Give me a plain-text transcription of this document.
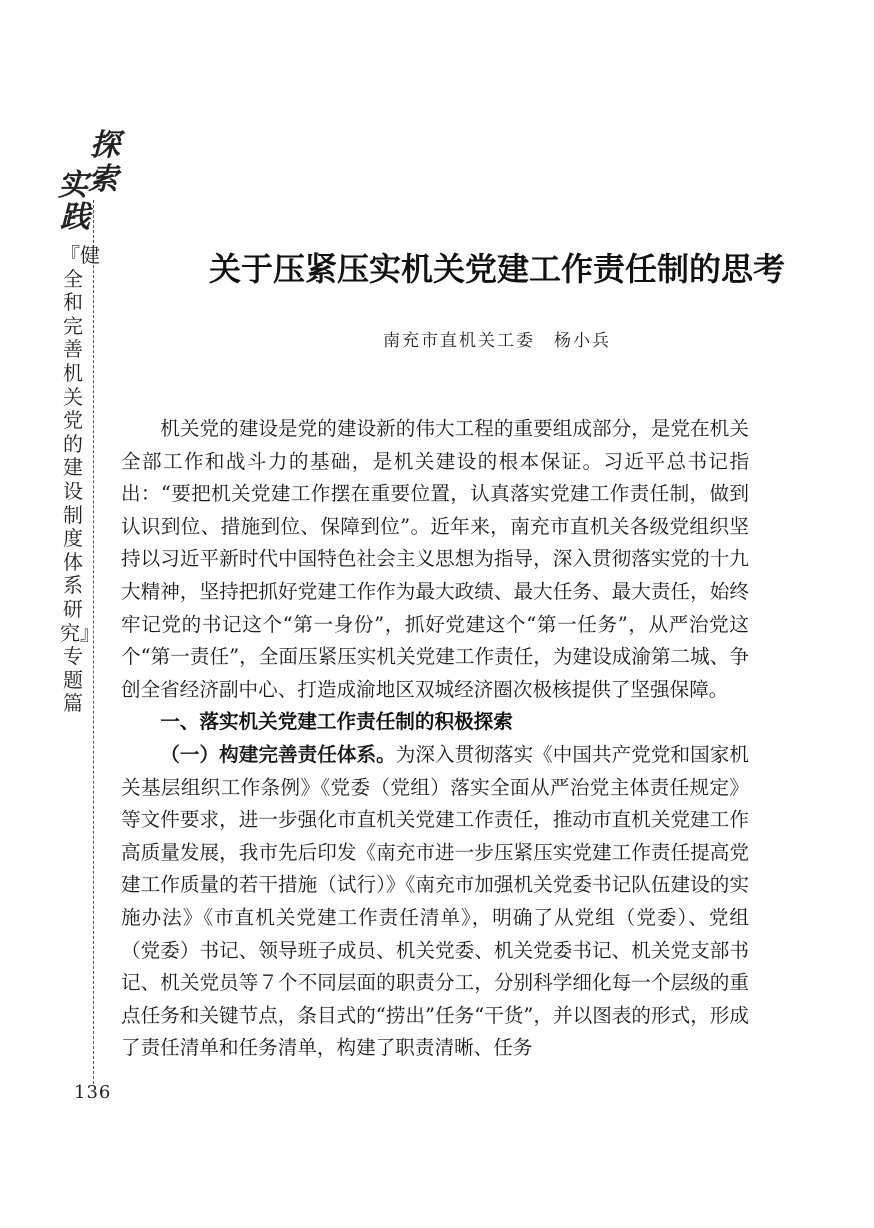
探
索
实
践
『健全和完善机关党的建设制度体系研究』专题篇
136
关于压紧压实机关党建工作责任制的思考
南充市直机关工委　杨小兵

机关党的建设是党的建设新的伟大工程的重要组成部分，是党在机关全部工作和战斗力的基础，是机关建设的根本保证。习近平总书记指出：“要把机关党建工作摆在重要位置，认真落实党建工作责任制，做到认识到位、措施到位、保障到位”。近年来，南充市直机关各级党组织坚持以习近平新时代中国特色社会主义思想为指导，深入贯彻落实党的十九大精神，坚持把抓好党建工作作为最大政绩、最大任务、最大责任，始终牢记党的书记这个“第一身份”，抓好党建这个“第一任务”，从严治党这个“第一责任”，全面压紧压实机关党建工作责任，为建设成渝第二城、争创全省经济副中心、打造成渝地区双城经济圈次极核提供了坚强保障。

一、落实机关党建工作责任制的积极探索

（一）构建完善责任体系。为深入贯彻落实《中国共产党党和国家机关基层组织工作条例》《党委（党组）落实全面从严治党主体责任规定》等文件要求，进一步强化市直机关党建工作责任，推动市直机关党建工作高质量发展，我市先后印发《南充市进一步压紧压实党建工作责任提高党建工作质量的若干措施（试行）》《南充市加强机关党委书记队伍建设的实施办法》《市直机关党建工作责任清单》，明确了从党组（党委）、党组（党委）书记、领导班子成员、机关党委、机关党委书记、机关党支部书记、机关党员等７个不同层面的职责分工，分别科学细化每一个层级的重点任务和关键节点，条目式的“捞出”任务“干货”，并以图表的形式，形成了责任清单和任务清单，构建了职责清晰、任务
